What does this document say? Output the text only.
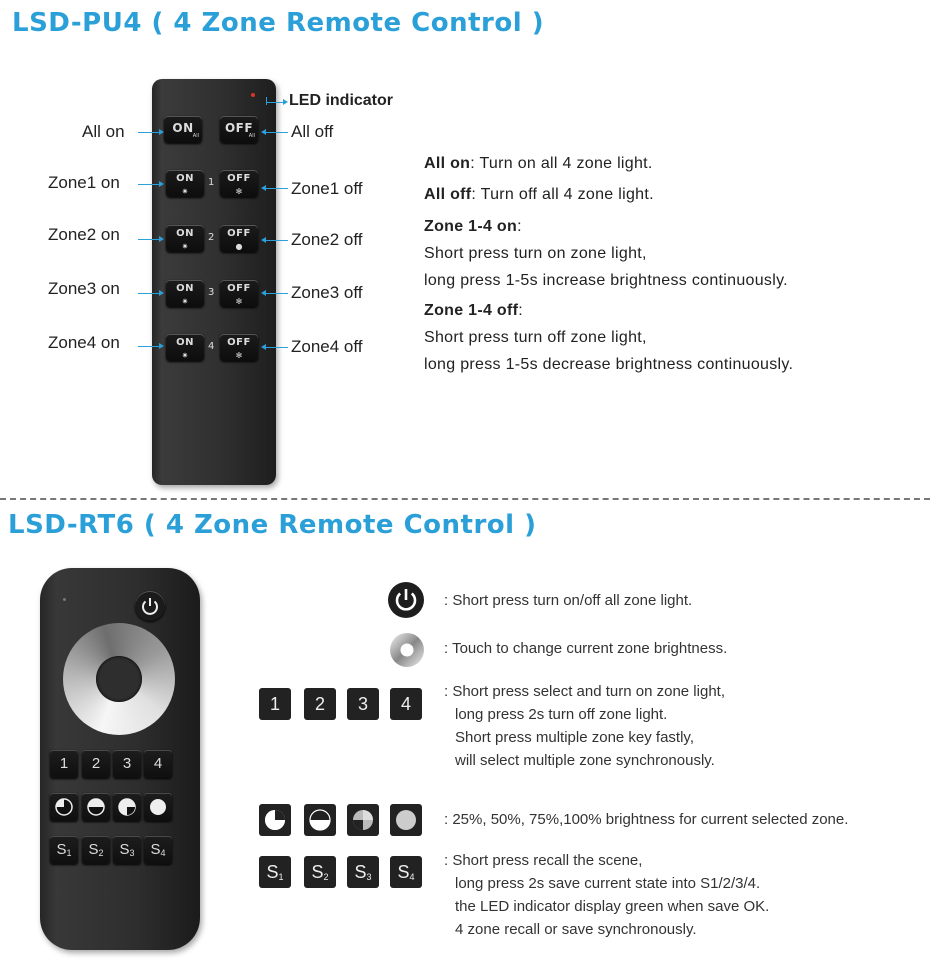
LSD-PU4 ( 4 Zone Remote Control )
ON
All
OFF
All
ON
✷
1	OFF
✻
ON
✷
2	OFF
●
ON
✷
3	OFF
✻
ON
✷
4	OFF
✻
LED indicator
All on	All off
Zone1 on	Zone1 off
Zone2 on	Zone2 off
Zone3 on	Zone3 off
Zone4 on	Zone4 off
All on: Turn on all 4 zone light.
All off: Turn off all 4 zone light.
Zone 1-4 on:
Short press turn on zone light,
long press 1-5s increase brightness continuously.
Zone 1-4 off:
Short press turn off zone light,
long press 1-5s decrease brightness continuously.
LSD-RT6 ( 4 Zone Remote Control )
1	2	3	4
$S_1$	$S_2$	$S_3$	$S_4$
: Short press turn on/off all zone light.
: Touch to change current zone brightness.
1	2	3	4
: Short press select and turn on zone light,
long press 2s turn off zone light.
Short press multiple zone key fastly,
will select multiple zone synchronously.
: 25%, 50%, 75%,100% brightness for current selected zone.
$S_1$	$S_2$	$S_3$	$S_4$
: Short press recall the scene,
long press 2s save current state into S1/2/3/4.
the LED indicator display green when save OK.
4 zone recall or save synchronously.
